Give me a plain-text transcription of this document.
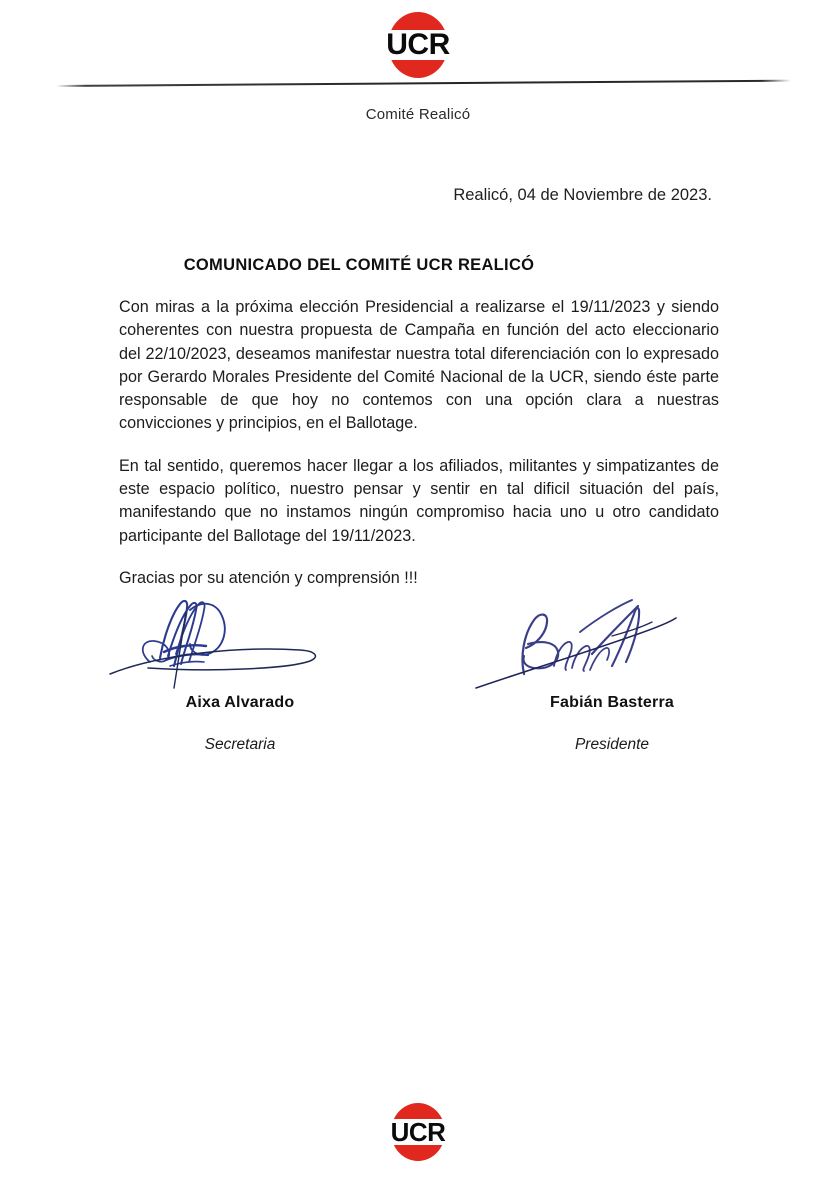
UCR
Comité Realicó
Realicó, 04 de Noviembre de 2023.
COMUNICADO DEL COMITÉ UCR REALICÓ

Con miras a la próxima elección Presidencial a realizarse el 19/11/2023 y siendo coherentes con nuestra propuesta de Campaña en función del acto eleccionario del 22/10/2023, deseamos manifestar nuestra total diferenciación con lo expresado por Gerardo Morales Presidente del Comité Nacional de la UCR, siendo éste parte responsable de que hoy no contemos con una opción clara a nuestras convicciones y principios, en el Ballotage.

En tal sentido, queremos hacer llegar a los afiliados, militantes y simpatizantes de este espacio político, nuestro pensar y sentir en tal dificil situación del país, manifestando que no instamos ningún compromiso hacia uno u otro candidato participante del Ballotage del 19/11/2023.

Gracias por su atención y comprensión !!!

Aixa Alvarado
Secretaria
Fabián Basterra
Presidente
UCR
